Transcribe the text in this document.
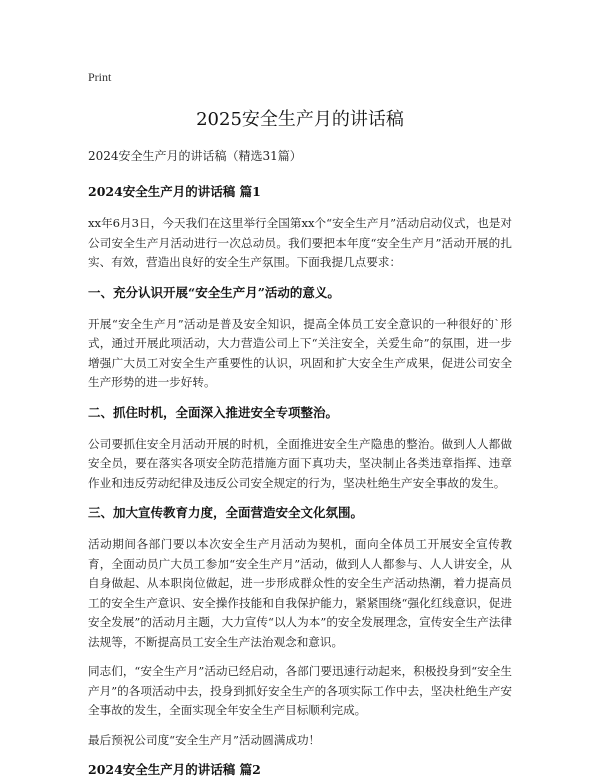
Print
2025安全生产月的讲话稿
2024安全生产月的讲话稿（精选31篇）
2024安全生产月的讲话稿 篇1

xx年6月3日，今天我们在这里举行全国第xx个“安全生产月”活动启动仪式，也是对公司安全生产月活动进行一次总动员。我们要把本年度“安全生产月”活动开展的扎实、有效，营造出良好的安全生产氛围。下面我提几点要求：

一、充分认识开展“安全生产月”活动的意义。

开展“安全生产月”活动是普及安全知识，提高全体员工安全意识的一种很好的`形式，通过开展此项活动，大力营造公司上下“关注安全，关爱生命”的氛围，进一步增强广大员工对安全生产重要性的认识，巩固和扩大安全生产成果，促进公司安全生产形势的进一步好转。

二、抓住时机，全面深入推进安全专项整治。

公司要抓住安全月活动开展的时机，全面推进安全生产隐患的整治。做到人人都做安全员，要在落实各项安全防范措施方面下真功夫，坚决制止各类违章指挥、违章作业和违反劳动纪律及违反公司安全规定的行为，坚决杜绝生产安全事故的发生。

三、加大宣传教育力度，全面营造安全文化氛围。

活动期间各部门要以本次安全生产月活动为契机，面向全体员工开展安全宣传教育，全面动员广大员工参加“安全生产月”活动，做到人人都参与、人人讲安全，从自身做起、从本职岗位做起，进一步形成群众性的安全生产活动热潮，着力提高员工的安全生产意识、安全操作技能和自我保护能力，紧紧围绕“强化红线意识，促进安全发展”的活动月主题，大力宣传“以人为本”的安全发展理念，宣传安全生产法律法规等，不断提高员工安全生产法治观念和意识。

同志们，“安全生产月”活动已经启动，各部门要迅速行动起来，积极投身到“安全生产月”的各项活动中去，投身到抓好安全生产的各项实际工作中去，坚决杜绝生产安全事故的发生，全面实现全年安全生产目标顺利完成。

最后预祝公司度“安全生产月”活动圆满成功！

2024安全生产月的讲话稿 篇2
